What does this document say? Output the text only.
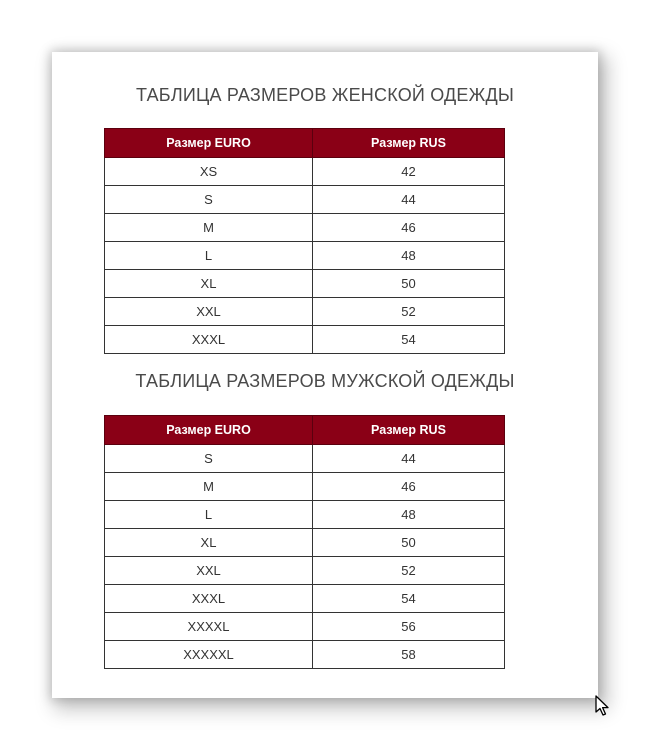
ТАБЛИЦА РАЗМЕРОВ ЖЕНСКОЙ ОДЕЖДЫ
Размер EURO	Размер RUS
XS	42
S	44
M	46
L	48
XL	50
XXL	52
XXXL	54
ТАБЛИЦА РАЗМЕРОВ МУЖСКОЙ ОДЕЖДЫ
Размер EURO	Размер RUS
S	44
M	46
L	48
XL	50
XXL	52
XXXL	54
XXXXL	56
XXXXXL	58
